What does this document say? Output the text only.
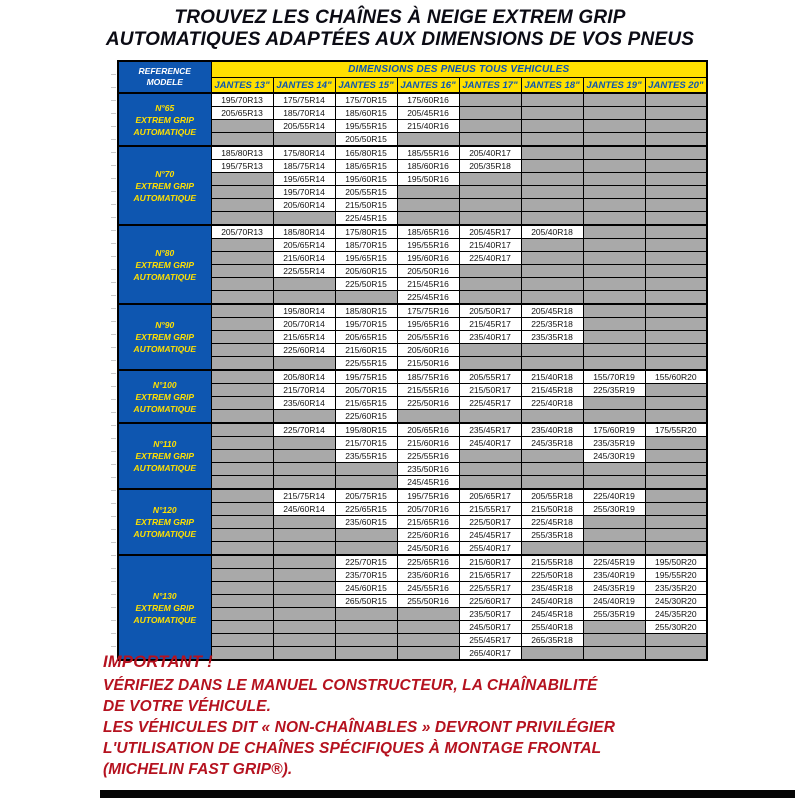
TROUVEZ LES CHAÎNES À NEIGE EXTREM GRIP
AUTOMATIQUES ADAPTÉES AUX DIMENSIONS DE VOS PNEUS
REFERENCE
MODELE	DIMENSIONS DES PNEUS TOUS VEHICULES							
	JANTES 13"	JANTES 14"	JANTES 15"	JANTES 16"	JANTES 17"	JANTES 18"	JANTES 19"	JANTES 20"

N°65
EXTREM GRIP
AUTOMATIQUE	195/70R13	175/75R14	175/70R15	175/60R16				
	205/65R13	185/70R14	185/60R15	205/45R16				
		205/55R14	195/55R15	215/40R16				
			205/50R15					

N°70
EXTREM GRIP
AUTOMATIQUE	185/80R13	175/80R14	165/80R15	185/55R16	205/40R17			
	195/75R13	185/75R14	185/65R15	185/60R16	205/35R18			
		195/65R14	195/60R15	195/50R16				
		195/70R14	205/55R15					
		205/60R14	215/50R15					
			225/45R15					

N°80
EXTREM GRIP
AUTOMATIQUE	205/70R13	185/80R14	175/80R15	185/65R16	205/45R17	205/40R18		
		205/65R14	185/70R15	195/55R16	215/40R17			
		215/60R14	195/65R15	195/60R16	225/40R17			
		225/55R14	205/60R15	205/50R16				
			225/50R15	215/45R16				
				225/45R16				

N°90
EXTREM GRIP
AUTOMATIQUE		195/80R14	185/80R15	175/75R16	205/50R17	205/45R18		
		205/70R14	195/70R15	195/65R16	215/45R17	225/35R18		
		215/65R14	205/65R15	205/55R16	235/40R17	235/35R18		
		225/60R14	215/60R15	205/60R16				
			225/55R15	215/50R16				

N°100
EXTREM GRIP
AUTOMATIQUE		205/80R14	195/75R15	185/75R16	205/55R17	215/40R18	155/70R19	155/60R20
		215/70R14	205/70R15	215/55R16	215/50R17	215/45R18	225/35R19	
		235/60R14	215/65R15	225/50R16	225/45R17	225/40R18		
			225/60R15					

N°110
EXTREM GRIP
AUTOMATIQUE		225/70R14	195/80R15	205/65R16	235/45R17	235/40R18	175/60R19	175/55R20
			215/70R15	215/60R16	245/40R17	245/35R18	235/35R19	
			235/55R15	225/55R16			245/30R19	
				235/50R16				
				245/45R16				

N°120
EXTREM GRIP
AUTOMATIQUE		215/75R14	205/75R15	195/75R16	205/65R17	205/55R18	225/40R19	
		245/60R14	225/65R15	205/70R16	215/55R17	215/50R18	255/30R19	
			235/60R15	215/65R16	225/50R17	225/45R18		
				225/60R16	245/45R17	255/35R18		
				245/50R16	255/40R17			

N°130
EXTREM GRIP
AUTOMATIQUE			225/70R15	225/65R16	215/60R17	215/55R18	225/45R19	195/50R20
			235/70R15	235/60R16	215/65R17	225/50R18	235/40R19	195/55R20
			245/60R15	245/55R16	225/55R17	235/45R18	245/35R19	235/35R20
			265/50R15	255/50R16	225/60R17	245/40R18	245/40R19	245/30R20
					235/50R17	245/45R18	255/35R19	245/35R20
					245/50R17	255/40R18		255/30R20
					255/45R17	265/35R18		
					265/40R17			
IMPORTANT !
VÉRIFIEZ DANS LE MANUEL CONSTRUCTEUR, LA CHAÎNABILITÉ
DE VOTRE VÉHICULE.
LES VÉHICULES DIT « NON-CHAÎNABLES » DEVRONT PRIVILÉGIER
L'UTILISATION DE CHAÎNES SPÉCIFIQUES À MONTAGE FRONTAL
(MICHELIN FAST GRIP®).
